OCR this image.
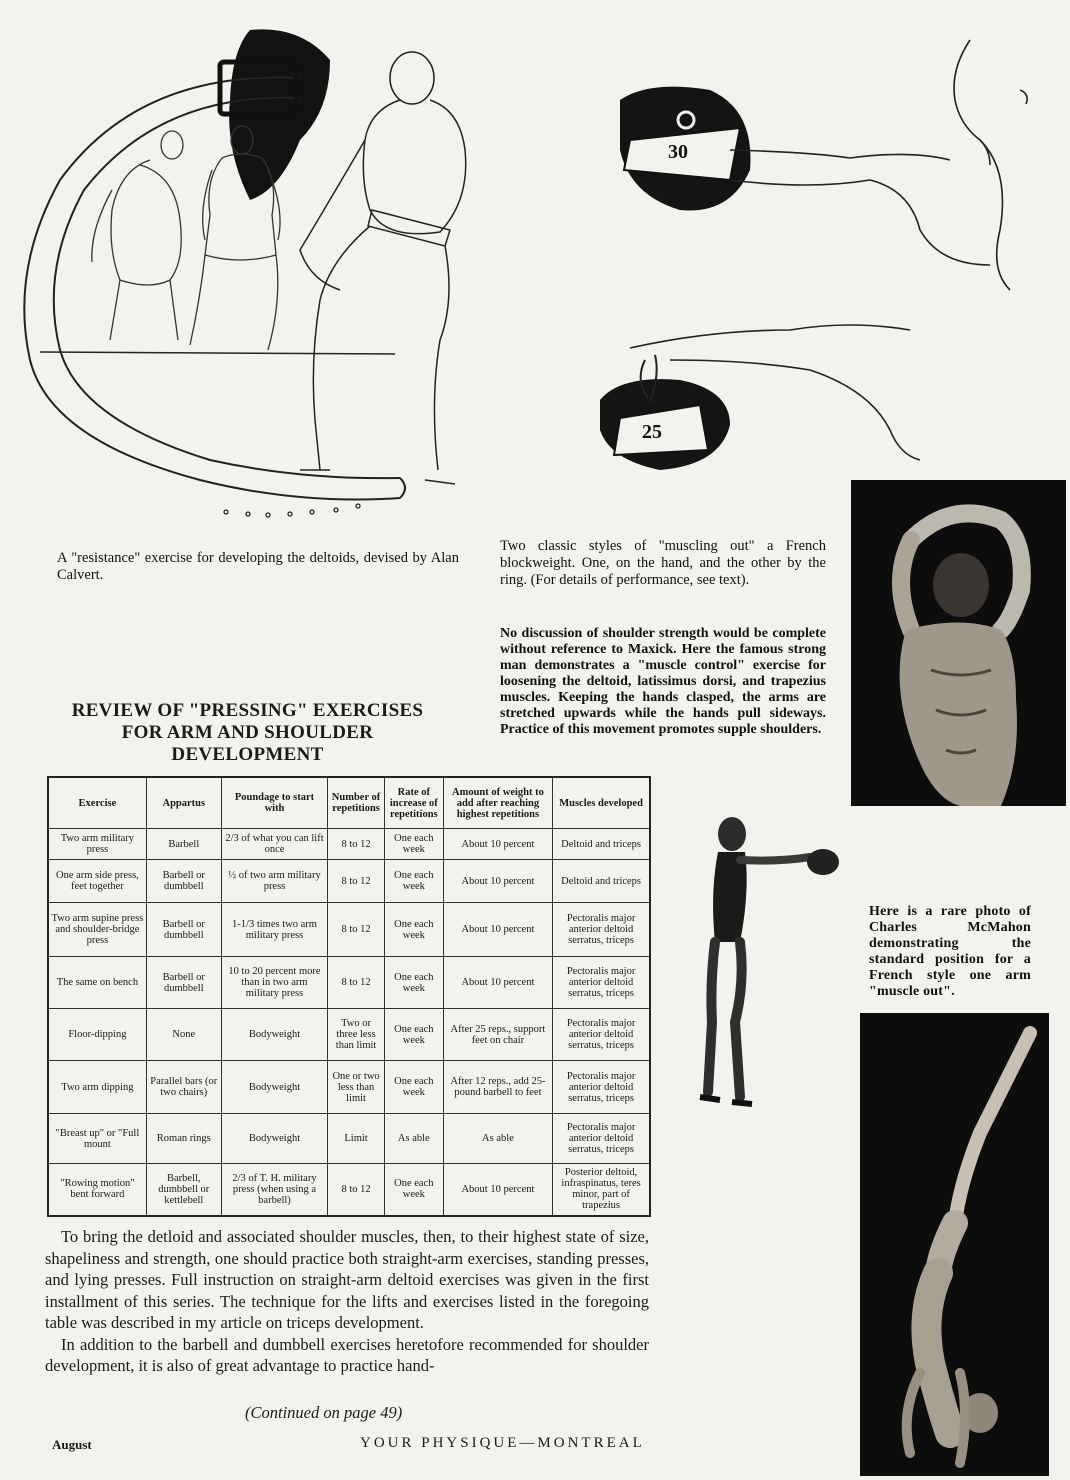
30
25
A "resistance" exercise for developing the deltoids, devised by Alan Calvert.
Two classic styles of "muscling out" a French blockweight. One, on the hand, and the other by the ring. (For details of performance, see text).
No discussion of shoulder strength would be complete without reference to Maxick. Here the famous strong man demonstrates a "muscle control" exercise for loosening the deltoid, latissimus dorsi, and trapezius muscles. Keeping the hands clasped, the arms are stretched upwards while the hands pull sideways. Practice of this movement promotes supple shoulders.
Here is a rare photo of Charles McMahon demonstrating the standard position for a French style one arm "muscle out".
REVIEW OF "PRESSING" EXERCISES FOR ARM AND SHOULDER DEVELOPMENT
Exercise	Appartus	Poundage to start with	Number of repetitions	Rate of increase of repetitions	Amount of weight to add after reaching highest repetitions	Muscles developed
Two arm military press	Barbell	2/3 of what you can lift once	8 to 12	One each week	About 10 percent	Deltoid and triceps
One arm side press, feet together	Barbell or dumbbell	½ of two arm military press	8 to 12	One each week	About 10 percent	Deltoid and triceps
Two arm supine press and shoulder-bridge press	Barbell or dumbbell	1-1/3 times two arm military press	8 to 12	One each week	About 10 percent	Pectoralis major anterior deltoid serratus, triceps
The same on bench	Barbell or dumbbell	10 to 20 percent more than in two arm military press	8 to 12	One each week	About 10 percent	Pectoralis major anterior deltoid serratus, triceps
Floor-dipping	None	Bodyweight	Two or three less than limit	One each week	After 25 reps., support feet on chair	Pectoralis major anterior deltoid serratus, triceps
Two arm dipping	Parallel bars (or two chairs)	Bodyweight	One or two less than limit	One each week	After 12 reps., add 25-pound barbell to feet	Pectoralis major anterior deltoid serratus, triceps
"Breast up" or "Full mount	Roman rings	Bodyweight	Limit	As able	As able	Pectoralis major anterior deltoid serratus, triceps
"Rowing motion" bent forward	Barbell, dumbbell or kettlebell	2/3 of T. H. military press (when using a barbell)	8 to 12	One each week	About 10 percent	Posterior deltoid, infraspinatus, teres minor, part of trapezius

To bring the detloid and associated shoulder muscles, then, to their highest state of size, shapeliness and strength, one should practice both straight-arm exercises, standing presses, and lying presses. Full instruction on straight-arm deltoid exercises was given in the first installment of this series. The technique for the lifts and exercises listed in the foregoing table was described in my article on triceps development.

In addition to the barbell and dumbbell exercises heretofore recommended for shoulder development, it is also of great advantage to practice hand-

(Continued on page 49)
August	YOUR PHYSIQUE—MONTREAL
